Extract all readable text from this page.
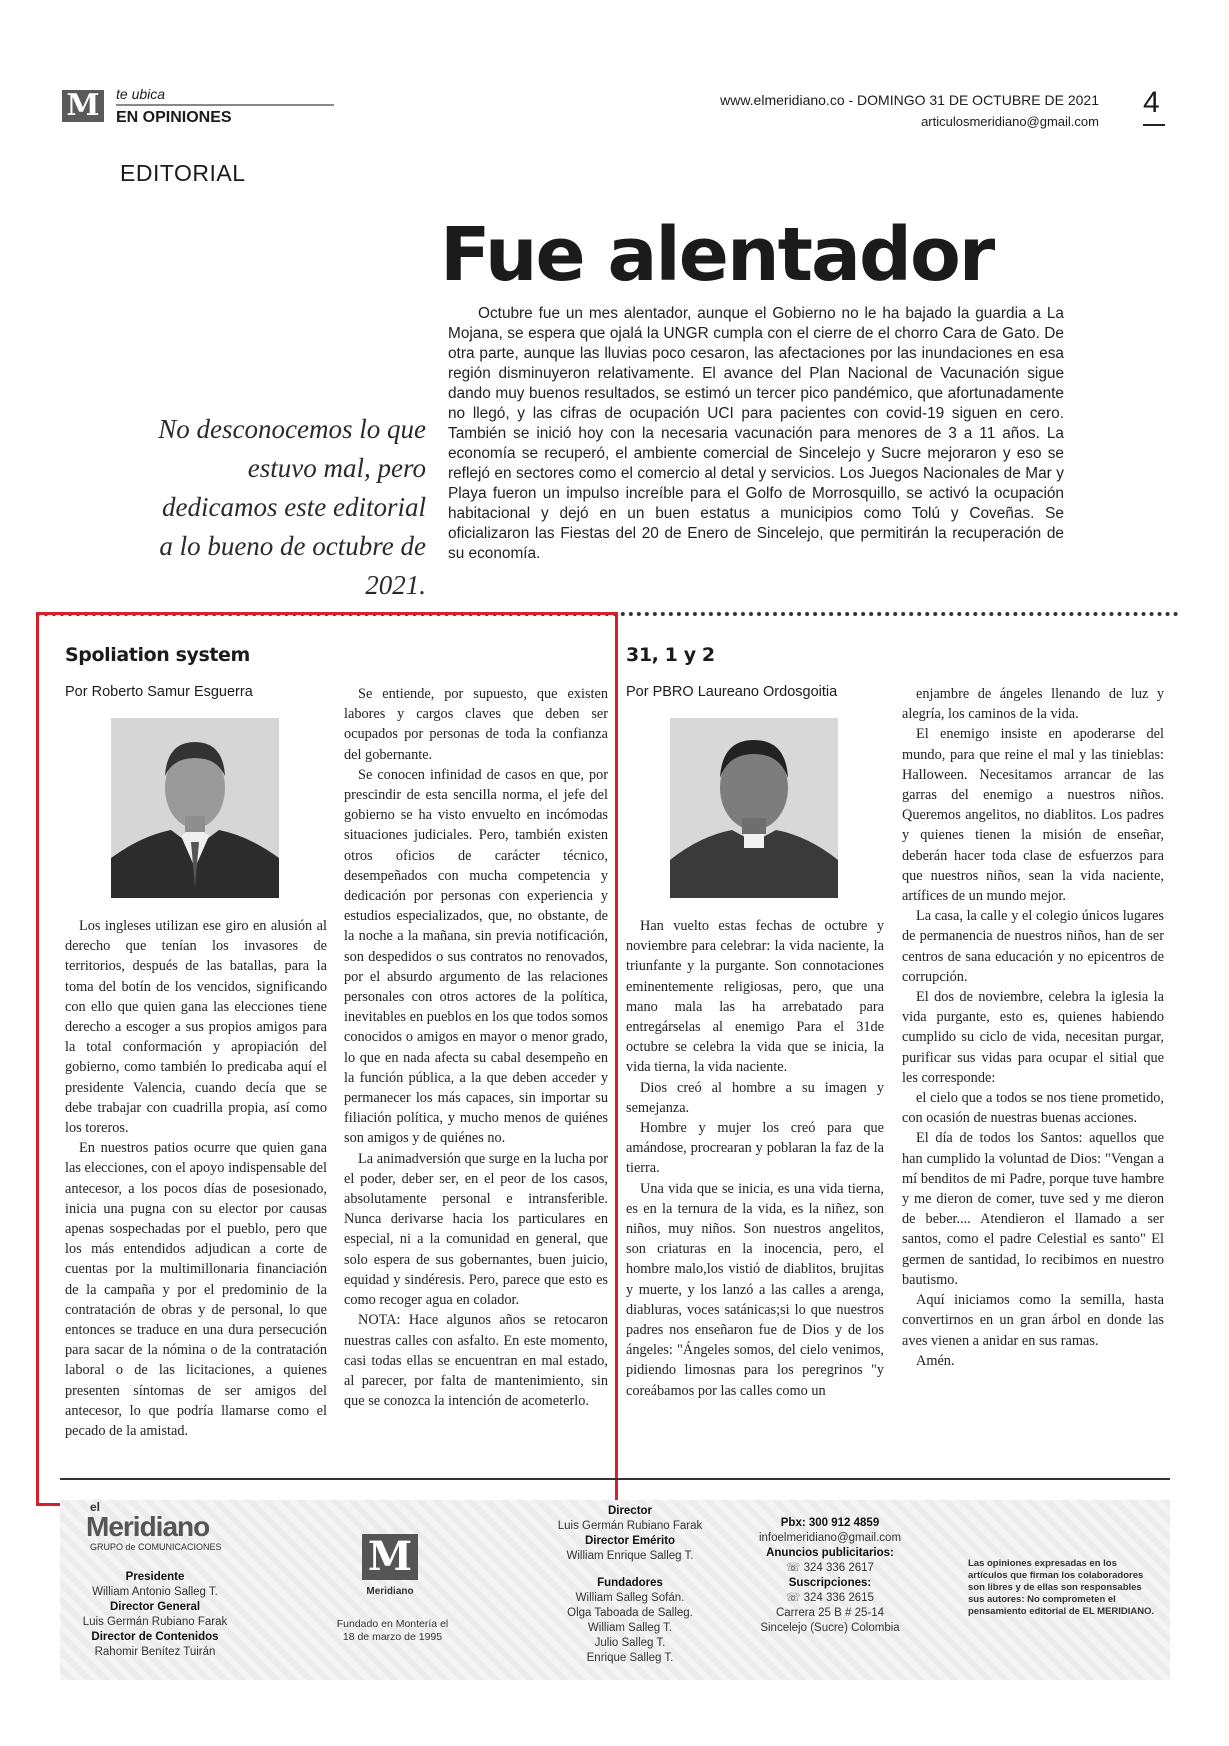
M	te ubica
EN OPINIONES
www.elmeridiano.co - DOMINGO 31 DE OCTUBRE DE 2021
articulosmeridiano@gmail.com
4
EDITORIAL
Fue alentador
Octubre fue un mes alentador, aunque el Gobierno no le ha bajado la guardia a La Mojana, se espera que ojalá la UNGR cumpla con el cierre de el chorro Cara de Gato. De otra parte, aunque las lluvias poco cesaron, las afectaciones por las inundaciones en esa región disminuyeron relativamente. El avance del Plan Nacional de Vacunación sigue dando muy buenos resultados, se estimó un tercer pico pandémico, que afortunadamente no llegó, y las cifras de ocupación UCI para pacientes con covid-19 siguen en cero. También se inició hoy con la necesaria vacunación para menores de 3 a 11 años. La economía se recuperó, el ambiente comercial de Sincelejo y Sucre mejoraron y eso se reflejó en sectores como el comercio al detal y servicios. Los Juegos Nacionales de Mar y Playa fueron un impulso increíble para el Golfo de Morrosquillo, se activó la ocupación habitacional y dejó en un buen estatus a municipios como Tolú y Coveñas. Se oficializaron las Fiestas del 20 de Enero de Sincelejo, que permitirán la recuperación de su economía.
No desconocemos lo que estuvo mal, pero dedicamos este editorial a lo bueno de octubre de 2021.
Spoliation system
Por Roberto Samur Esguerra

Los ingleses utilizan ese giro en alusión al derecho que tenían los invasores de territorios, después de las batallas, para la toma del botín de los vencidos, significando con ello que quien gana las elecciones tiene derecho a escoger a sus propios amigos para la total conformación y apropiación del gobierno, como también lo predicaba aquí el presidente Valencia, cuando decía que se debe trabajar con cuadrilla propia, así como los toreros.

En nuestros patios ocurre que quien gana las elecciones, con el apoyo indispensable del antecesor, a los pocos días de posesionado, inicia una pugna con su elector por causas apenas sospechadas por el pueblo, pero que los más entendidos adjudican a corte de cuentas por la multimillonaria financiación de la campaña y por el predominio de la contratación de obras y de personal, lo que entonces se traduce en una dura persecución para sacar de la nómina o de la contratación laboral o de las licitaciones, a quienes presenten síntomas de ser amigos del antecesor, lo que podría llamarse como el pecado de la amistad.

Se entiende, por supuesto, que existen labores y cargos claves que deben ser ocupados por personas de toda la confianza del gobernante.

Se conocen infinidad de casos en que, por prescindir de esta sencilla norma, el jefe del gobierno se ha visto envuelto en incómodas situaciones judiciales. Pero, también existen otros oficios de carácter técnico, desempeñados con mucha competencia y dedicación por personas con experiencia y estudios especializados, que, no obstante, de la noche a la mañana, sin previa notificación, son despedidos o sus contratos no renovados, por el absurdo argumento de las relaciones personales con otros actores de la política, inevitables en pueblos en los que todos somos conocidos o amigos en mayor o menor grado, lo que en nada afecta su cabal desempeño en la función pública, a la que deben acceder y permanecer los más capaces, sin importar su filiación política, y mucho menos de quiénes son amigos y de quiénes no.

La animadversión que surge en la lucha por el poder, deber ser, en el peor de los casos, absolutamente personal e intransferible. Nunca derivarse hacia los particulares en especial, ni a la comunidad en general, que solo espera de sus gobernantes, buen juicio, equidad y sindéresis. Pero, parece que esto es como recoger agua en colador.

NOTA: Hace algunos años se retocaron nuestras calles con asfalto. En este momento, casi todas ellas se encuentran en mal estado, al parecer, por falta de mantenimiento, sin que se conozca la intención de acometerlo.

31, 1 y 2
Por PBRO Laureano Ordosgoitia

Han vuelto estas fechas de octubre y noviembre para celebrar: la vida naciente, la triunfante y la purgante. Son connotaciones eminentemente religiosas, pero, que una mano mala las ha arrebatado para entregárselas al enemigo Para el 31de octubre se celebra la vida que se inicia, la vida tierna, la vida naciente.

Dios creó al hombre a su imagen y semejanza.

Hombre y mujer los creó para que amándose, procrearan y poblaran la faz de la tierra.

Una vida que se inicia, es una vida tierna, es en la ternura de la vida, es la niñez, son niños, muy niños. Son nuestros angelitos, son criaturas en la inocencia, pero, el hombre malo,los vistió de diablitos, brujitas y muerte, y los lanzó a las calles a arenga, diabluras, voces satánicas;si lo que nuestros padres nos enseñaron fue de Dios y de los ángeles: "Ángeles somos, del cielo venimos, pidiendo limosnas para los peregrinos "y coreábamos por las calles como un

enjambre de ángeles llenando de luz y alegría, los caminos de la vida.

El enemigo insiste en apoderarse del mundo, para que reine el mal y las tinieblas: Halloween. Necesitamos arrancar de las garras del enemigo a nuestros niños. Queremos angelitos, no diablitos. Los padres y quienes tienen la misión de enseñar, deberán hacer toda clase de esfuerzos para que nuestros niños, sean la vida naciente, artífices de un mundo mejor.

La casa, la calle y el colegio únicos lugares de permanencia de nuestros niños, han de ser centros de sana educación y no epicentros de corrupción.

El dos de noviembre, celebra la iglesia la vida purgante, esto es, quienes habiendo cumplido su ciclo de vida, necesitan purgar, purificar sus vidas para ocupar el sitial que les corresponde:

el cielo que a todos se nos tiene prometido, con ocasión de nuestras buenas acciones.

El día de todos los Santos: aquellos que han cumplido la voluntad de Dios: "Vengan a mí benditos de mi Padre, porque tuve hambre y me dieron de comer, tuve sed y me dieron de beber.... Atendieron el llamado a ser santos, como el padre Celestial es santo" El germen de santidad, lo recibimos en nuestro bautismo.

Aquí iniciamos como la semilla, hasta convertirnos en un gran árbol en donde las aves vienen a anidar en sus ramas.

Amén.

el
Meridiano
GRUPO de COMUNICACIONES
Presidente
William Antonio Salleg T.
Director General
Luis Germán Rubiano Farak
Director de Contenidos
Rahomir Benítez Tuirán
M
Meridiano
Fundado en Montería el 18 de marzo de 1995
Director
Luis Germán Rubiano Farak
Director Emérito
William Enrique Salleg T.
Fundadores
William Salleg Sofán.
Olga Taboada de Salleg.
William Salleg T.
Julio Salleg T.
Enrique Salleg T.
Pbx: 300 912 4859
infoelmeridiano@gmail.com
Anuncios publicitarios:
☏ 324 336 2617
Suscripciones:
☏ 324 336 2615
Carrera 25 B # 25-14
Sincelejo (Sucre) Colombia
Las opiniones expresadas en los artículos que firman los colaboradores son libres y de ellas son responsables sus autores: No comprometen el pensamiento editorial de EL MERIDIANO.
